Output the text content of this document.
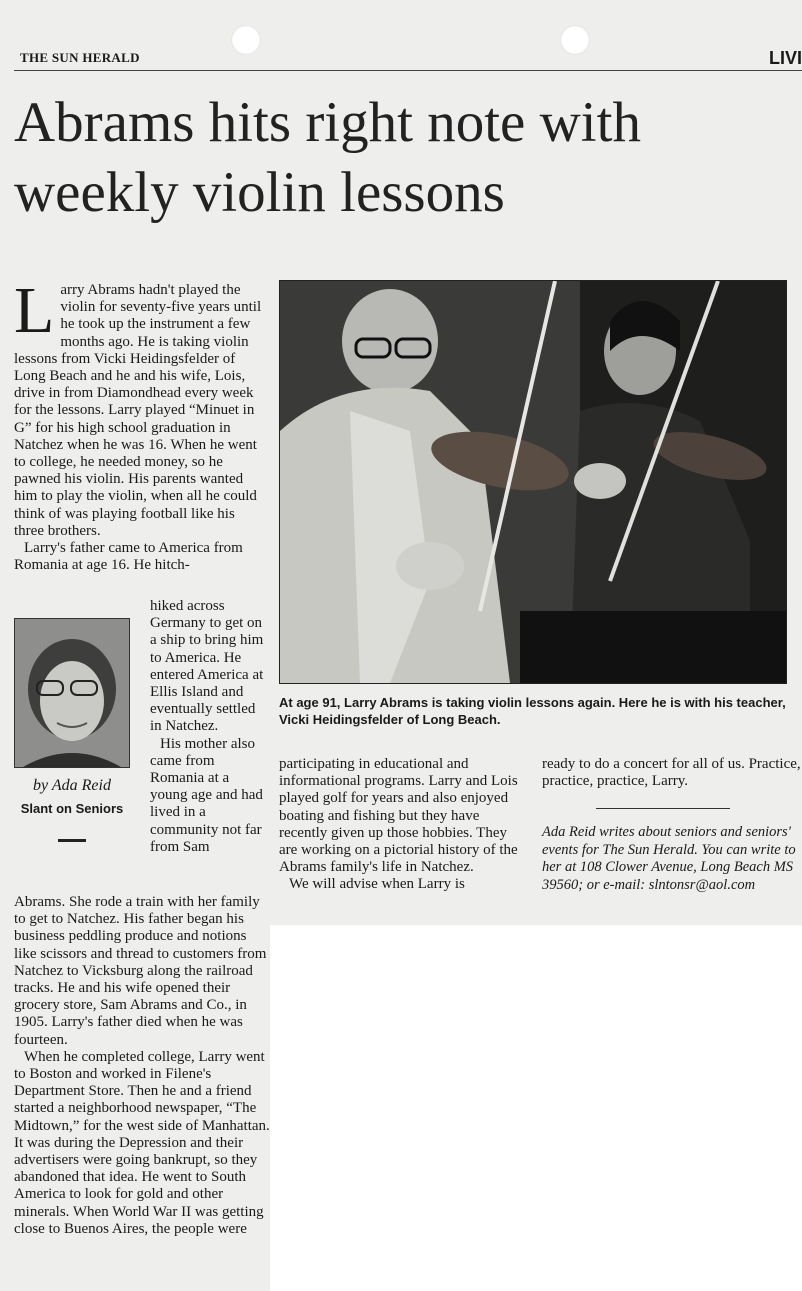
THE SUN HERALD	LIVI
Abrams hits right note with weekly violin lessons

Larry Abrams hadn't played the violin for seventy-five years until he took up the instrument a few months ago. He is taking violin lessons from Vicki Heidingsfelder of Long Beach and he and his wife, Lois, drive in from Diamondhead every week for the lessons. Larry played “Minuet in G” for his high school graduation in Natchez when he was 16. When he went to college, he needed money, so he pawned his violin. His parents wanted him to play the violin, when all he could think of was playing football like his three brothers.

Larry's father came to America from Romania at age 16. He hitch-

by Ada Reid
Slant on Seniors

hiked across Germany to get on a ship to bring him to America. He entered America at Ellis Island and eventually settled in Natchez.

His mother also came from Romania at a young age and had lived in a community not far from Sam

Abrams. She rode a train with her family to get to Natchez. His father began his business peddling produce and notions like scissors and thread to customers from Natchez to Vicksburg along the railroad tracks. He and his wife opened their grocery store, Sam Abrams and Co., in 1905. Larry's father died when he was fourteen.

When he completed college, Larry went to Boston and worked in Filene's Department Store. Then he and a friend started a neighborhood newspaper, “The Midtown,” for the west side of Manhattan. It was during the Depression and their advertisers were going bankrupt, so they abandoned that idea. He went to South America to look for gold and other minerals. When World War II was getting close to Buenos Aires, the people were

At age 91, Larry Abrams is taking violin lessons again. Here he is with his teacher, Vicki Heidingsfelder of Long Beach.

participating in educational and informational programs. Larry and Lois played golf for years and also enjoyed boating and fishing but they have recently given up those hobbies. They are working on a pictorial history of the Abrams family's life in Natchez.

We will advise when Larry is

ready to do a concert for all of us. Practice, practice, practice, Larry.

Ada Reid writes about seniors and seniors' events for The Sun Herald. You can write to her at 108 Clower Avenue, Long Beach MS 39560; or e-mail: slntonsr@aol.com
